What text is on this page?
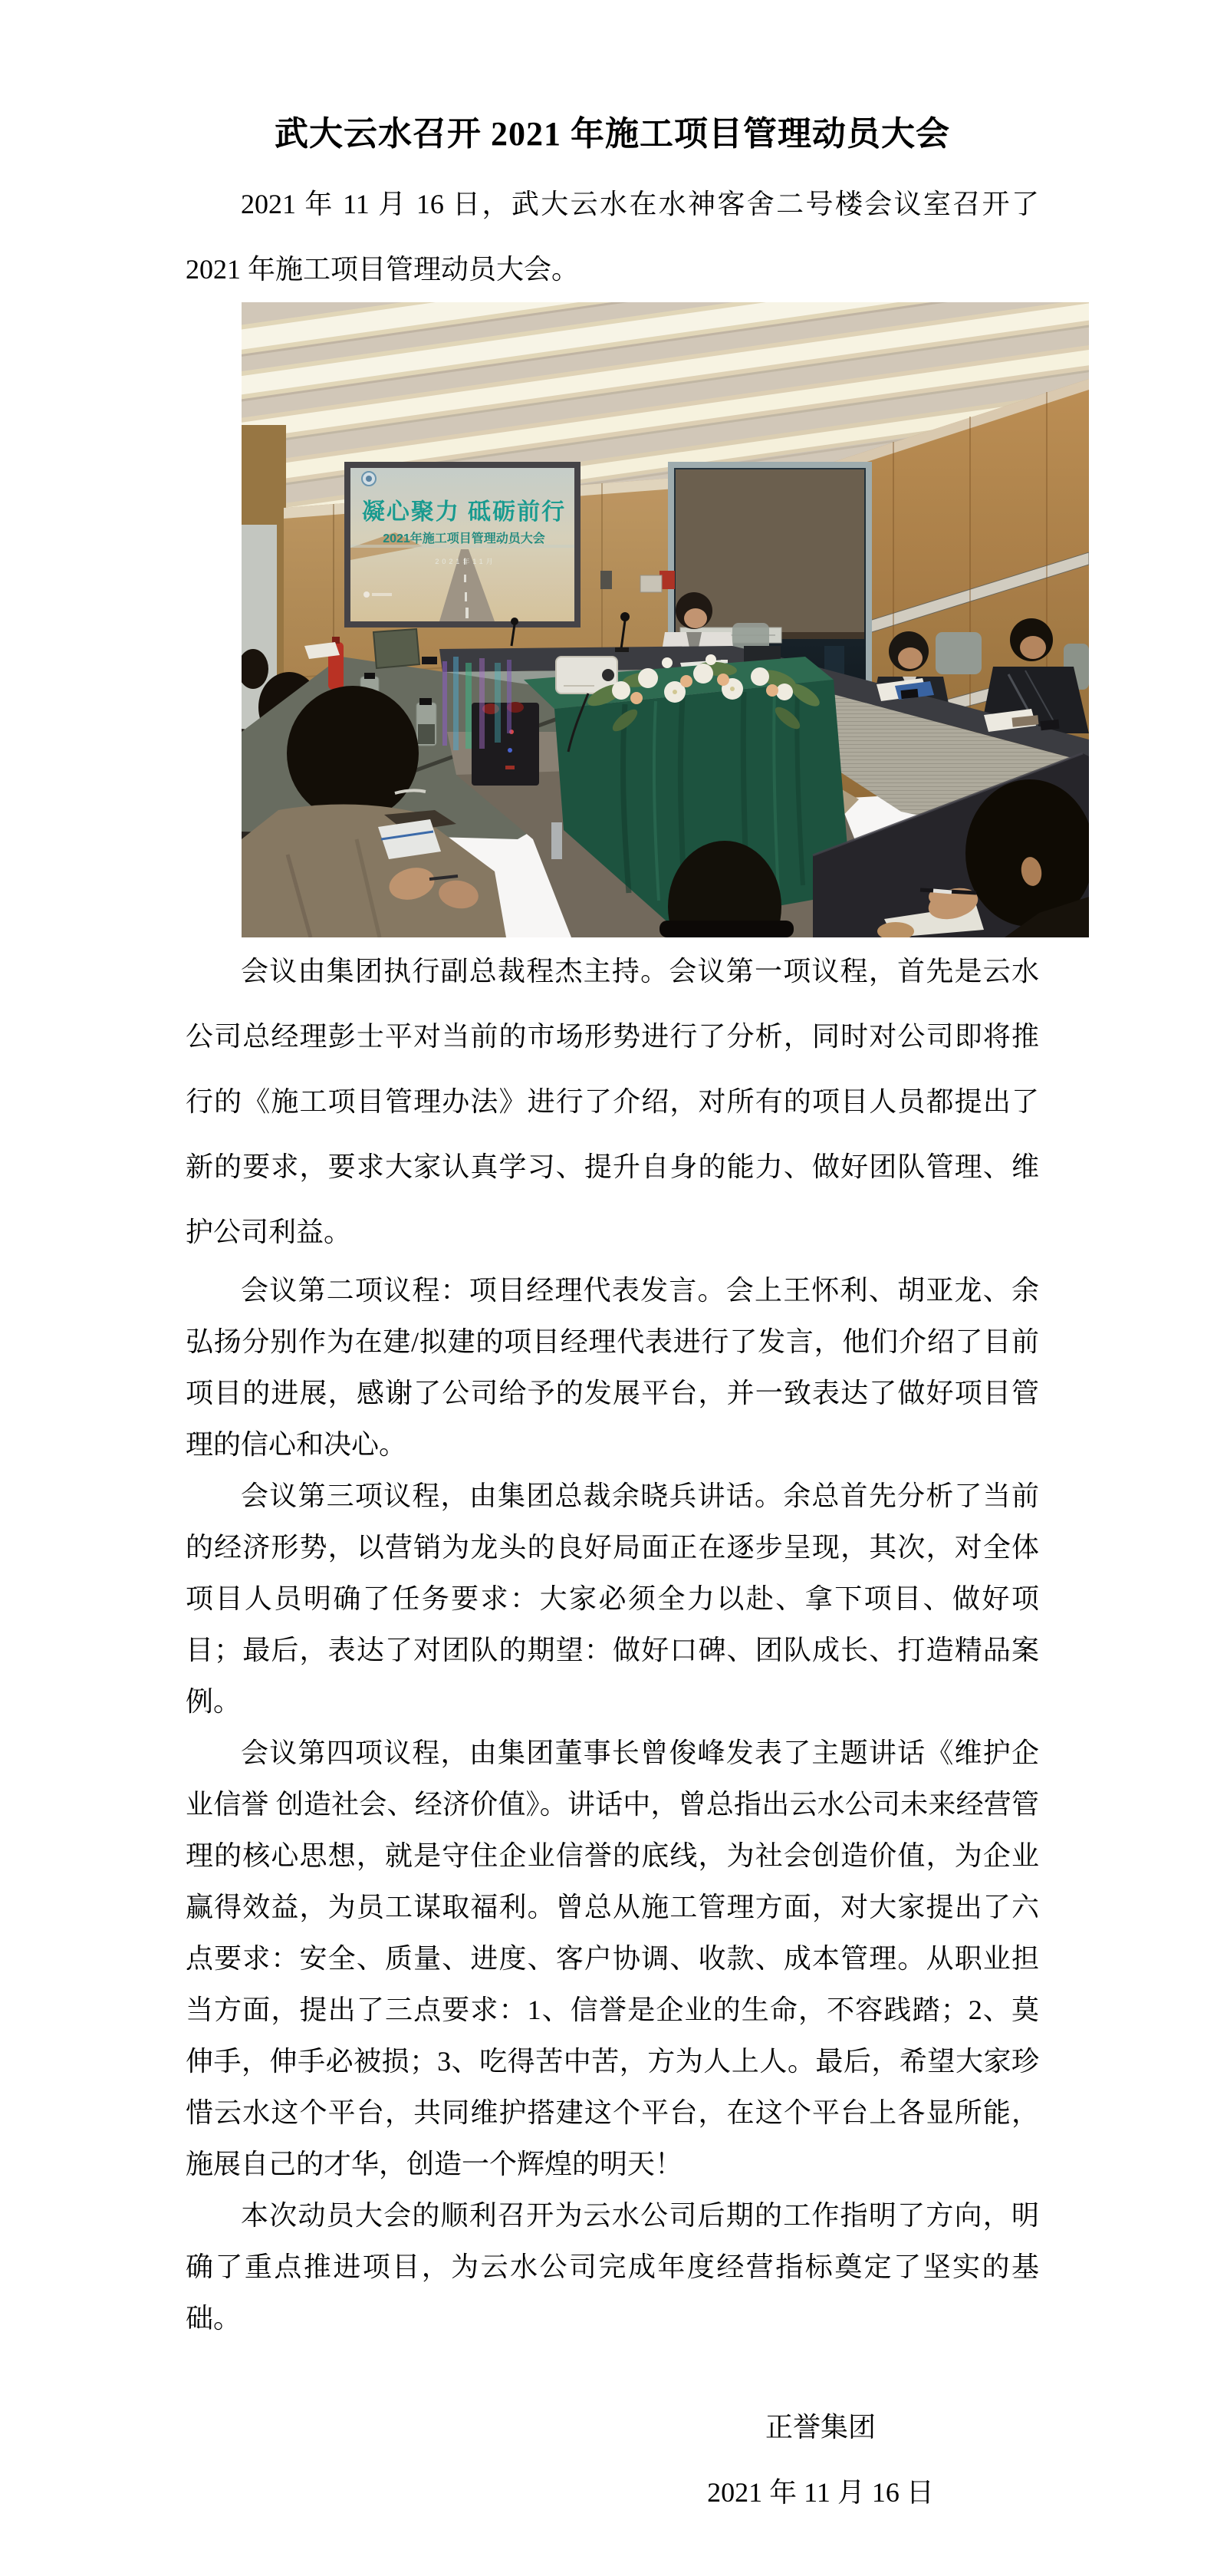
武大云水召开 2021 年施工项目管理动员大会

2021 年 11 月 16 日，武大云水在水神客舍二号楼会议室召开了 2021 年施工项目管理动员大会。

凝心聚力 砥砺前行
2021年施工项目管理动员大会
2021年11月

会议由集团执行副总裁程杰主持。会议第一项议程，首先是云水公司总经理彭士平对当前的市场形势进行了分析，同时对公司即将推行的《施工项目管理办法》进行了介绍，对所有的项目人员都提出了新的要求，要求大家认真学习、提升自身的能力、做好团队管理、维护公司利益。

会议第二项议程：项目经理代表发言。会上王怀利、胡亚龙、余弘扬分别作为在建/拟建的项目经理代表进行了发言，他们介绍了目前项目的进展，感谢了公司给予的发展平台，并一致表达了做好项目管理的信心和决心。

会议第三项议程，由集团总裁余晓兵讲话。余总首先分析了当前的经济形势，以营销为龙头的良好局面正在逐步呈现，其次，对全体项目人员明确了任务要求：大家必须全力以赴、拿下项目、做好项目；最后，表达了对团队的期望：做好口碑、团队成长、打造精品案例。

会议第四项议程，由集团董事长曾俊峰发表了主题讲话《维护企业信誉 创造社会、经济价值》。讲话中，曾总指出云水公司未来经营管理的核心思想，就是守住企业信誉的底线，为社会创造价值，为企业赢得效益，为员工谋取福利。曾总从施工管理方面，对大家提出了六点要求：安全、质量、进度、客户协调、收款、成本管理。从职业担当方面，提出了三点要求：1、信誉是企业的生命，不容践踏；2、莫伸手，伸手必被损；3、吃得苦中苦，方为人上人。最后，希望大家珍惜云水这个平台，共同维护搭建这个平台，在这个平台上各显所能，施展自己的才华，创造一个辉煌的明天！

本次动员大会的顺利召开为云水公司后期的工作指明了方向，明确了重点推进项目，为云水公司完成年度经营指标奠定了坚实的基础。

正誉集团
2021 年 11 月 16 日
